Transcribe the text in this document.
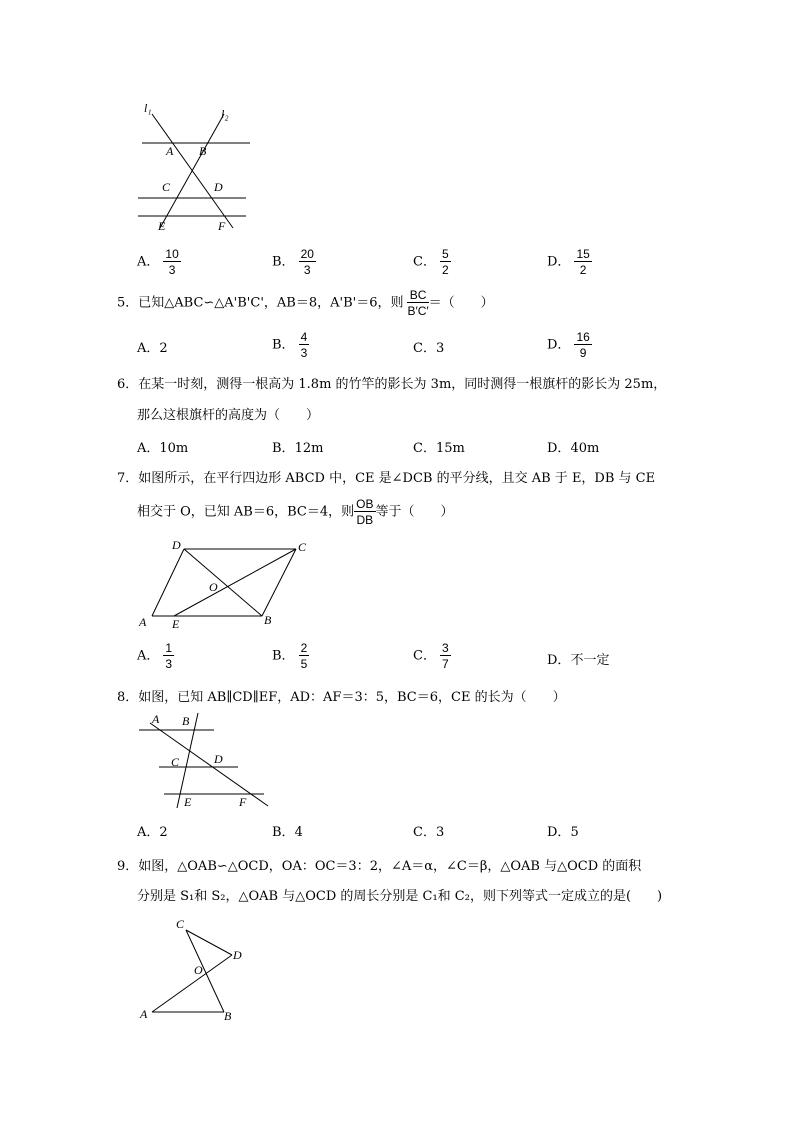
l₁	l₂
A B
C	D
E	F
A． $\frac{10}{3}$	B． $\frac{20}{3}$	C． $\frac{5}{2}$	D． $\frac{15}{2}$
5．已知△ABC∽△A'B'C'，AB＝8，A'B'＝6，则 $\frac{BC}{B'C'}$ ＝（　　）
A．2	B． $\frac{4}{3}$	C．3	D． $\frac{16}{9}$
6．在某一时刻，测得一根高为 1.8m 的竹竿的影长为 3m，同时测得一根旗杆的影长为 25m，
那么这根旗杆的高度为（　　）
A．10m	B．12m	C．15m	D．40m
7．如图所示，在平行四边形 ABCD 中，CE 是∠DCB 的平分线，且交 AB 于 E，DB 与 CE
相交于 O，已知 AB＝6，BC＝4，则 $\frac{OB}{DB}$ 等于（　　）
D	C
O
A E	B
A． $\frac{1}{3}$	B． $\frac{2}{5}$	C． $\frac{3}{7}$	D．不一定
8．如图，已知 AB∥CD∥EF，AD：AF＝3：5，BC＝6，CE 的长为（　　）
A B
D
C
E	F
A．2	B．4	C．3	D．5
9．如图，△OAB∽△OCD，OA：OC＝3：2，∠A＝α，∠C＝β，△OAB 与△OCD 的面积
分别是 S₁和 S₂，△OAB 与△OCD 的周长分别是 C₁和 C₂，则下列等式一定成立的是(　　)
C
D
O
A	B
